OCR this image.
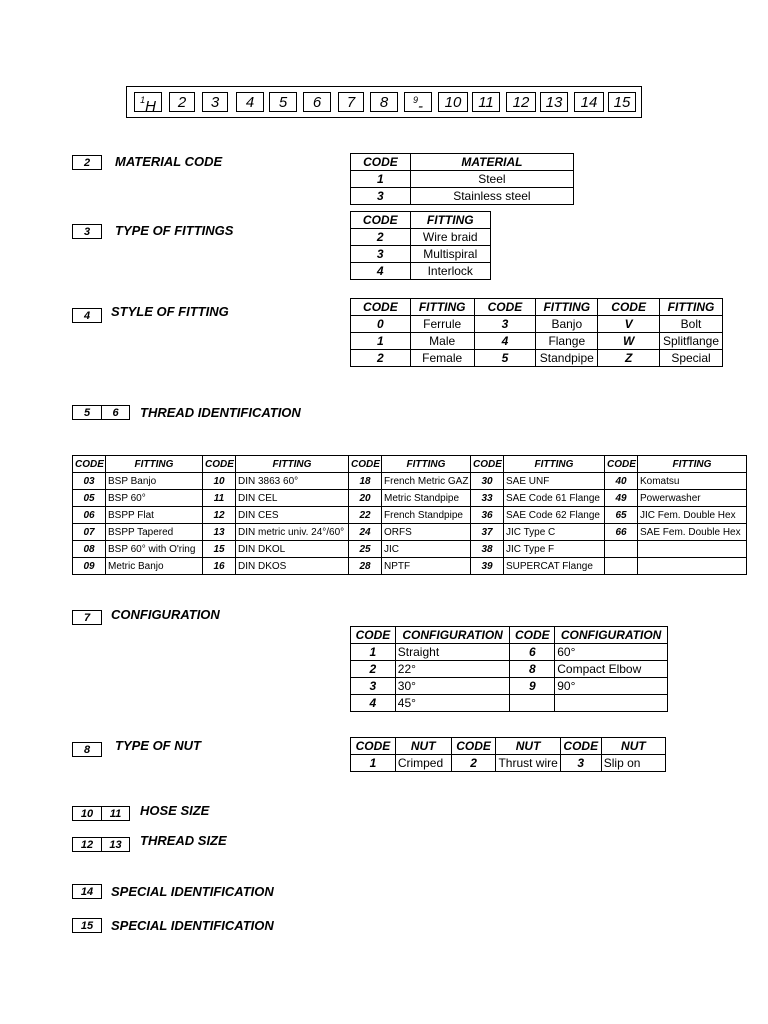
$^1$H	2	3	4	5	6	7	8	$^9$-	10	11	12	13	14	15
2	MATERIAL CODE	CODE	MATERIAL
1	Steel
3	Stainless steel
3	TYPE OF FITTINGS
CODE	FITTING
2	Wire braid
3	Multispiral
4	Interlock
4	STYLE OF FITTING	CODE	FITTING	CODE	FITTING	CODE	FITTING
0	Ferrule	3	Banjo	V	Bolt
1	Male	4	Flange	W	Splitflange
2	Female	5	Standpipe	Z	Special
5	6	THREAD IDENTIFICATION
CODE	FITTING	CODE	FITTING	CODE	FITTING	CODE	FITTING	CODE	FITTING
03	BSP Banjo	10	DIN 3863 60°	18	French Metric GAZ	30	SAE UNF	40	Komatsu
05	BSP 60°	11	DIN CEL	20	Metric Standpipe	33	SAE Code 61 Flange	49	Powerwasher
06	BSPP Flat	12	DIN CES	22	French Standpipe	36	SAE Code 62 Flange	65	JIC Fem. Double Hex
07	BSPP Tapered	13	DIN metric univ. 24°/60°	24	ORFS	37	JIC Type C	66	SAE Fem. Double Hex
08	BSP 60° with O'ring	15	DIN DKOL	25	JIC	38	JIC Type F		
09	Metric Banjo	16	DIN DKOS	28	NPTF	39	SUPERCAT Flange		
7	CONFIGURATION
CODE	CONFIGURATION	CODE	CONFIGURATION
1	Straight	6	60°
2	22°	8	Compact Elbow
3	30°	9	90°
4	45°		
8	TYPE OF NUT	CODE	NUT	CODE	NUT	CODE	NUT
1	Crimped	2	Thrust wire	3	Slip on
10	11	HOSE SIZE
12	13	THREAD SIZE
14	SPECIAL IDENTIFICATION
15	SPECIAL IDENTIFICATION
